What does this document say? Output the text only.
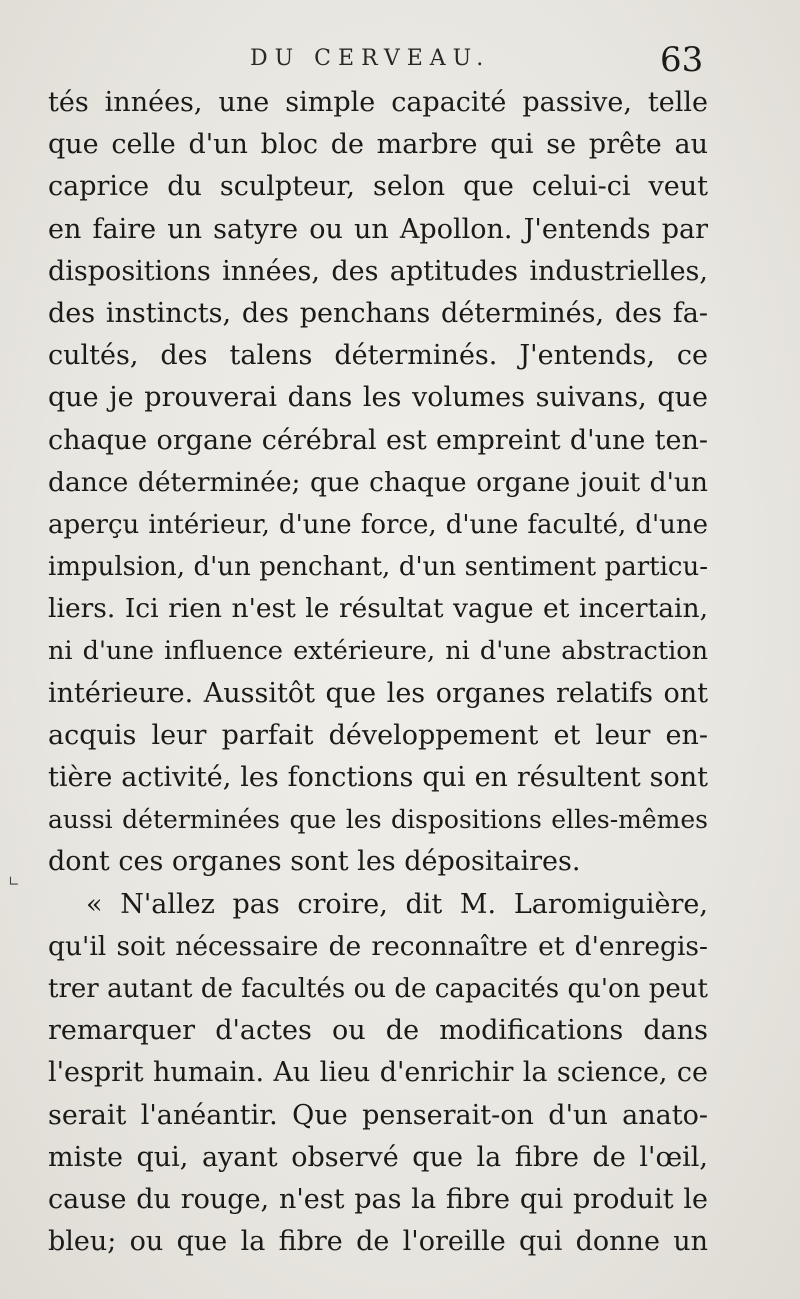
DU CERVEAU.	63
tés innées, une simple capacité passive, telle
que celle d'un bloc de marbre qui se prête au
caprice du sculpteur, selon que celui-ci veut
en faire un satyre ou un Apollon. J'entends par
dispositions innées, des aptitudes industrielles,
des instincts, des penchans déterminés, des fa-
cultés, des talens déterminés. J'entends, ce
que je prouverai dans les volumes suivans, que
chaque organe cérébral est empreint d'une ten-
dance déterminée; que chaque organe jouit d'un
aperçu intérieur, d'une force, d'une faculté, d'une
impulsion, d'un penchant, d'un sentiment particu-
liers. Ici rien n'est le résultat vague et incertain,
ni d'une influence extérieure, ni d'une abstraction
intérieure. Aussitôt que les organes relatifs ont
acquis leur parfait développement et leur en-
tière activité, les fonctions qui en résultent sont
aussi déterminées que les dispositions elles-mêmes
dont ces organes sont les dépositaires.
« N'allez pas croire, dit M. Laromiguière,
qu'il soit nécessaire de reconnaître et d'enregis-
trer autant de facultés ou de capacités qu'on peut
remarquer d'actes ou de modifications dans
l'esprit humain. Au lieu d'enrichir la science, ce
serait l'anéantir. Que penserait-on d'un anato-
miste qui, ayant observé que la fibre de l'œil,
cause du rouge, n'est pas la fibre qui produit le
bleu; ou que la fibre de l'oreille qui donne un
∟
